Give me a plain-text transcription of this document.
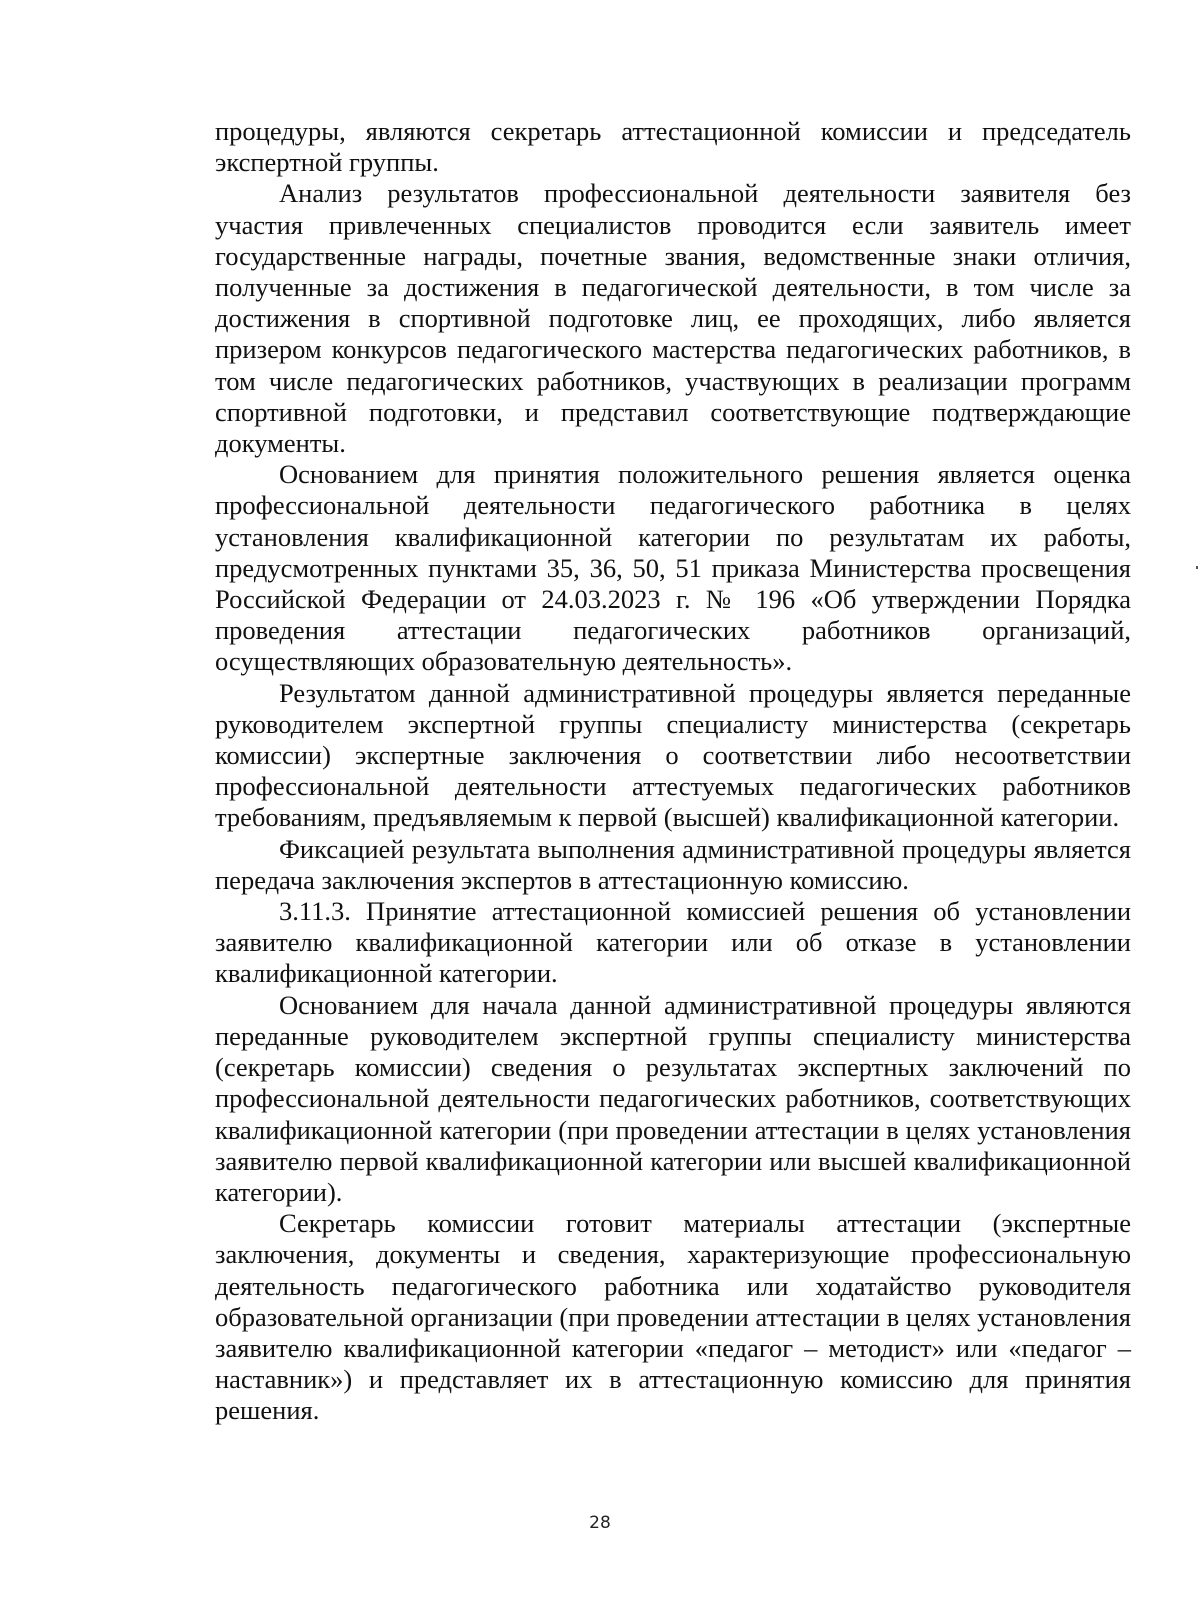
процедуры, являются секретарь аттестационной комиссии и председатель экспертной группы.

Анализ результатов профессиональной деятельности заявителя без участия привлеченных специалистов проводится если заявитель имеет государственные награды, почетные звания, ведомственные знаки отличия, полученные за достижения в педагогической деятельности, в том числе за достижения в спортивной подготовке лиц, ее проходящих, либо является призером конкурсов педагогического мастерства педагогических работников, в том числе педагогических работников, участвующих в реализации программ спортивной подготовки, и представил соответствующие подтверждающие документы.

Основанием для принятия положительного решения является оценка профессиональной деятельности педагогического работника в целях установления квалификационной категории по результатам их работы, предусмотренных пунктами 35, 36, 50, 51 приказа Министерства просвещения Российской Федерации от 24.03.2023 г. № 196 «Об утверждении Порядка проведения аттестации педагогических работников организаций, осуществляющих образовательную деятельность».

Результатом данной административной процедуры является переданные руководителем экспертной группы специалисту министерства (секретарь комиссии) экспертные заключения о соответствии либо несоответствии профессиональной деятельности аттестуемых педагогических работников требованиям, предъявляемым к первой (высшей) квалификационной категории.

Фиксацией результата выполнения административной процедуры является передача заключения экспертов в аттестационную комиссию.

3.11.3. Принятие аттестационной комиссией решения об установлении заявителю квалификационной категории или об отказе в установлении квалификационной категории.

Основанием для начала данной административной процедуры являются переданные руководителем экспертной группы специалисту министерства (секретарь комиссии) сведения о результатах экспертных заключений по профессиональной деятельности педагогических работников, соответствующих квалификационной категории (при проведении аттестации в целях установления заявителю первой квалификационной категории или высшей квалификационной категории).

Секретарь комиссии готовит материалы аттестации (экспертные заключения, документы и сведения, характеризующие профессиональную деятельность педагогического работника или ходатайство руководителя образовательной организации (при проведении аттестации в целях установления заявителю квалификационной категории «педагог – методист» или «педагог – наставник») и представляет их в аттестационную комиссию для принятия решения.

28
